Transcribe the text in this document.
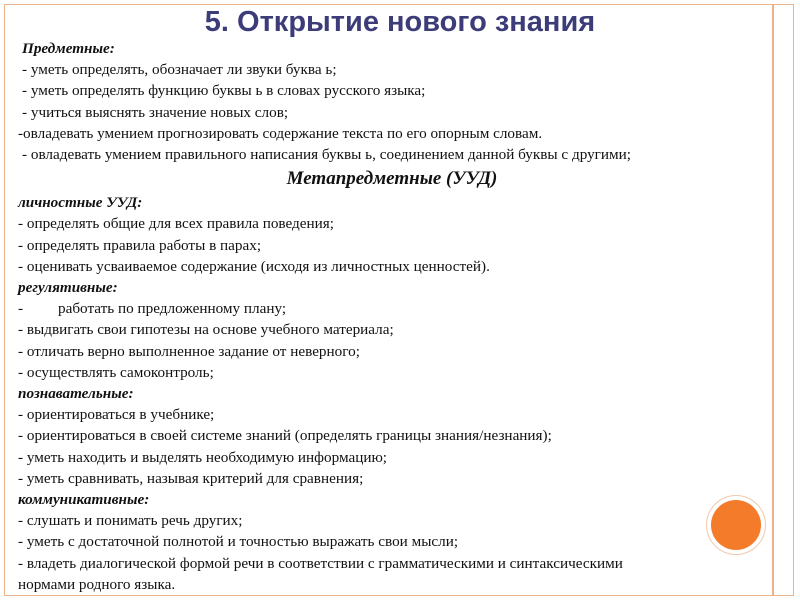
5. Открытие нового знания
Предметные:
- уметь определять, обозначает ли звуки буква ь;
- уметь определять функцию буквы ь в словах русского языка;
- учиться выяснять значение новых слов;
-овладевать умением прогнозировать содержание текста по его опорным словам.
- овладевать умением правильного написания буквы ь, соединением данной буквы с другими;
Метапредметные (УУД)
личностные УУД:
- определять общие для всех правила поведения;
- определять правила работы в парах;
- оценивать усваиваемое содержание (исходя из личностных ценностей).
регулятивные:
- работать по предложенному плану;
- выдвигать свои гипотезы на основе учебного материала;
- отличать верно выполненное задание от неверного;
- осуществлять самоконтроль;
познавательные:
- ориентироваться в учебнике;
- ориентироваться в своей системе знаний (определять границы знания/незнания);
- уметь находить и выделять необходимую информацию;
- уметь сравнивать, называя критерий для сравнения;
коммуникативные:
- слушать и понимать речь других;
- уметь с достаточной полнотой и точностью выражать свои мысли;
- владеть диалогической формой речи в соответствии с грамматическими и синтаксическими
нормами родного языка.
